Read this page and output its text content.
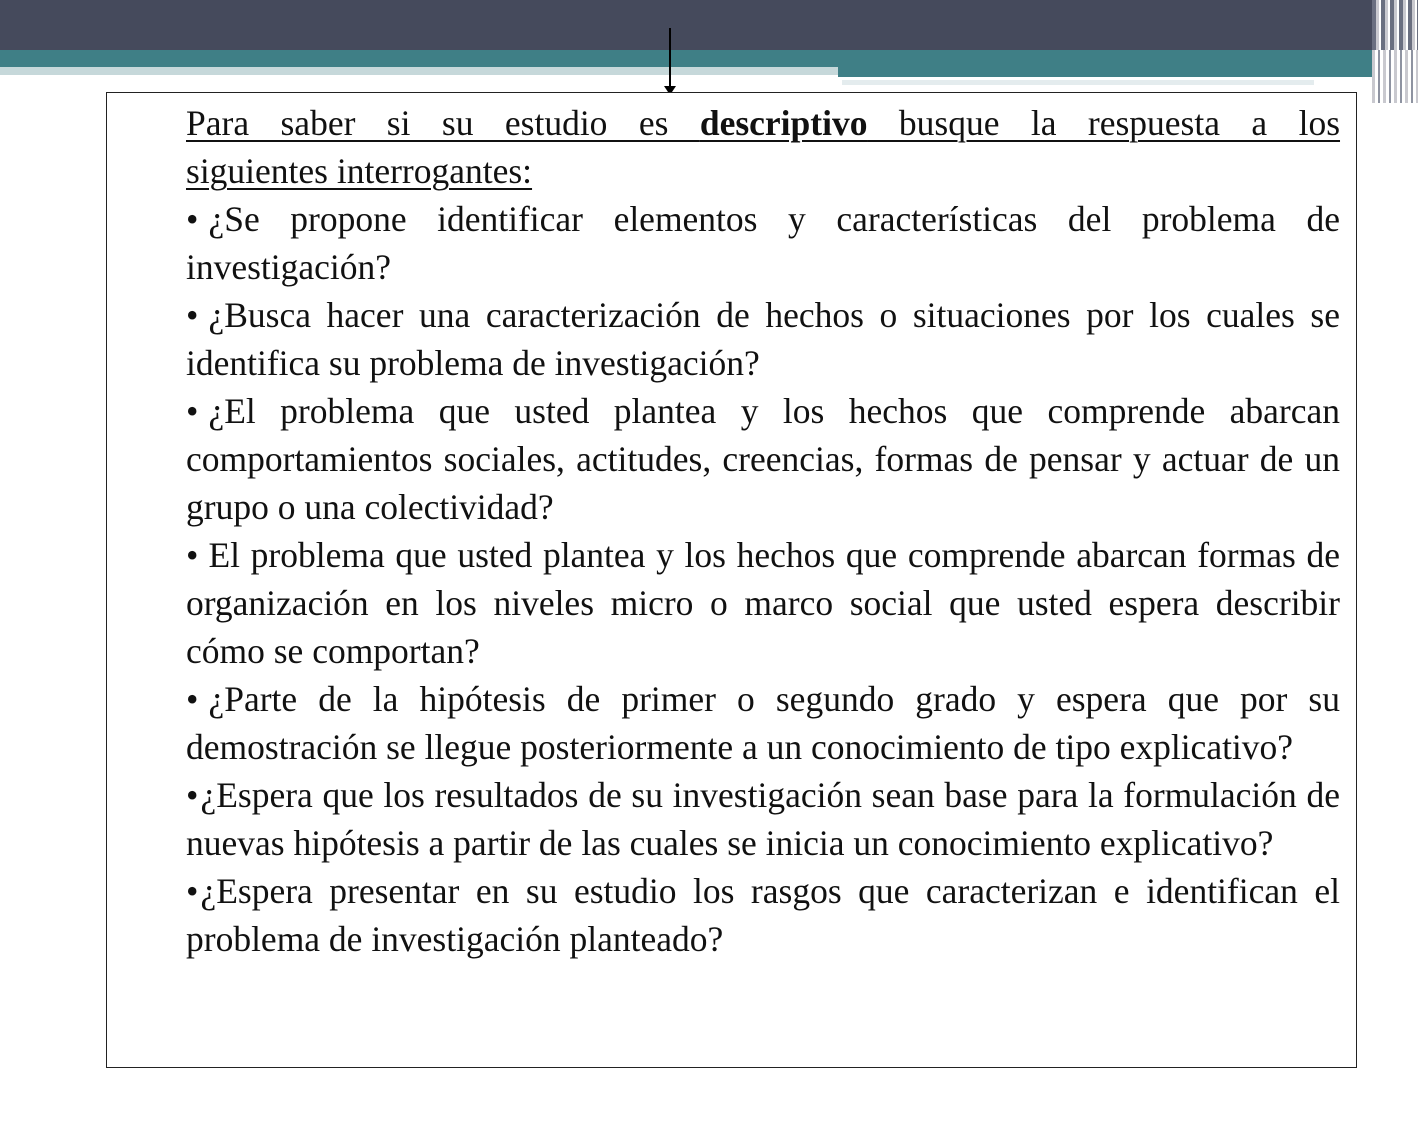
Para saber si su estudio es descriptivo busque la respuesta a los

siguientes interrogantes:

• ¿Se propone identificar elementos y características del problema de investigación?

• ¿Busca hacer una caracterización de hechos o situaciones por los cuales se identifica su problema de investigación?

• ¿El problema que usted plantea y los hechos que comprende abarcan comportamientos sociales, actitudes, creencias, formas de pensar y actuar de un grupo o una colectividad?

• El problema que usted plantea y los hechos que comprende abarcan formas de organización en los niveles micro o marco social que usted espera describir cómo se comportan?

• ¿Parte de la hipótesis de primer o segundo grado y espera que por su demostración se llegue posteriormente a un conocimiento de tipo explicativo?

•¿Espera que los resultados de su investigación sean base para la formulación de nuevas hipótesis a partir de las cuales se inicia un conocimiento explicativo?

•¿Espera presentar en su estudio los rasgos que caracterizan e identifican el problema de investigación planteado?
